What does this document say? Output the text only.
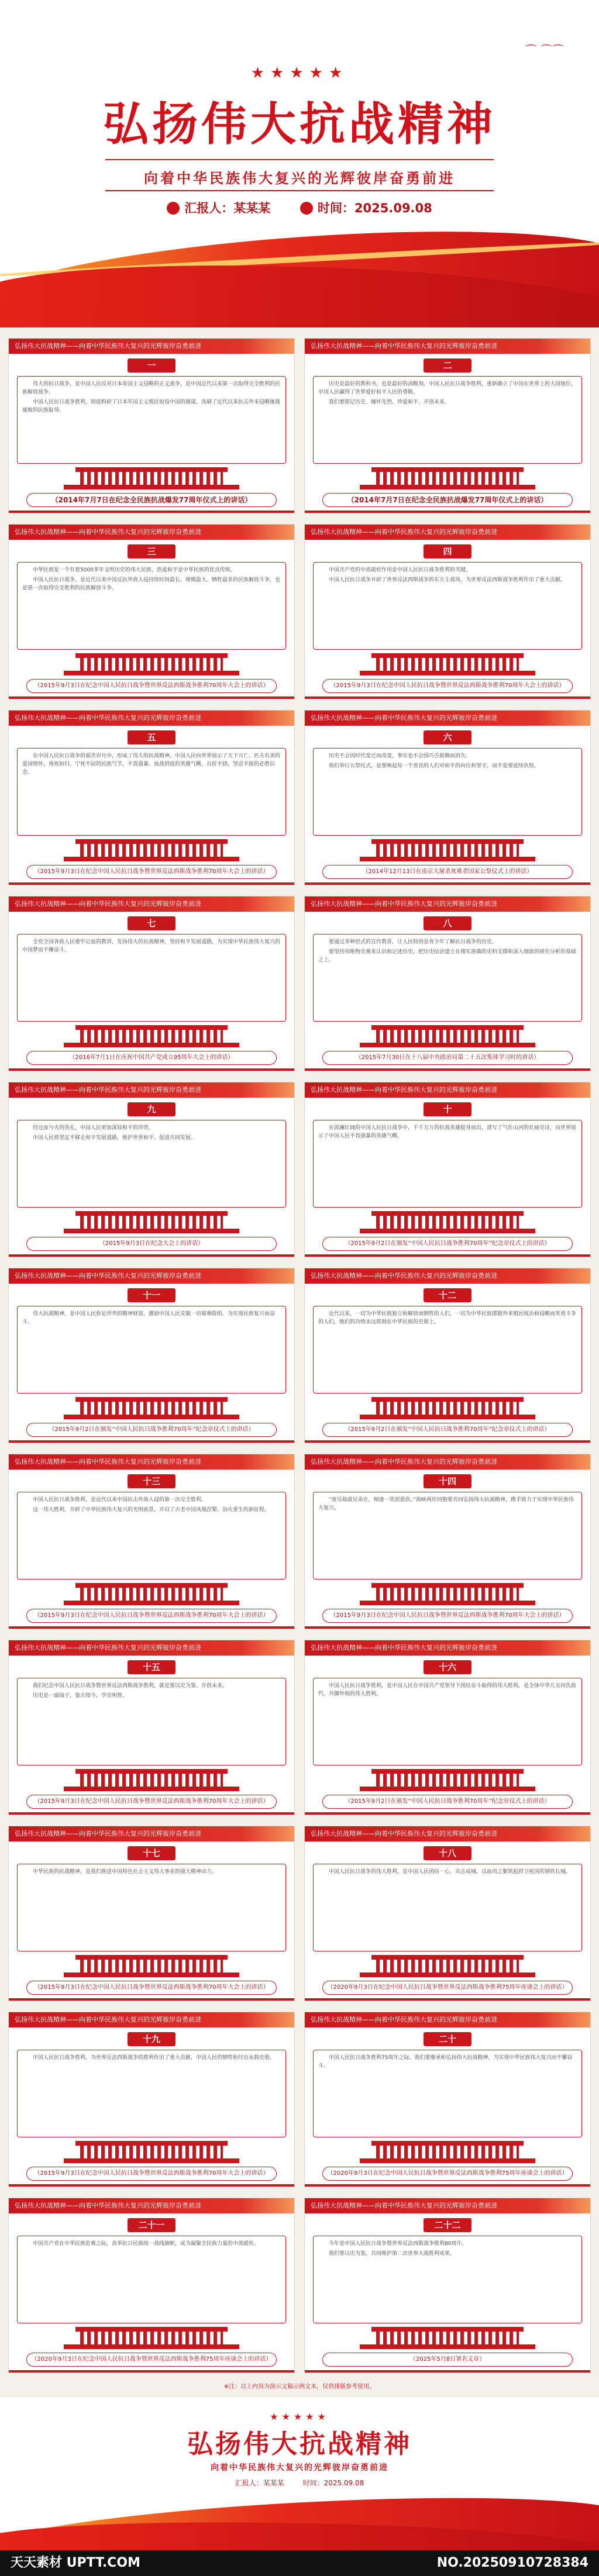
⌒ ⌒⌒
★★★★★
弘扬伟大抗战精神
向着中华民族伟大复兴的光辉彼岸奋勇前进
汇报人：某某某	时间：2025.09.08
弘扬伟大抗战精神——向着中华民族伟大复兴的光辉彼岸奋勇前进
一

伟大的抗日战争，是中国人民反对日本帝国主义侵略的正义战争，是中国近代以来第一次取得完全胜利的民族解放战争。

中国人民抗日战争胜利，彻底粉碎了日本军国主义殖民奴役中国的图谋，洗刷了近代以来抗击外来侵略屡战屡败的民族耻辱。

（2014年7月7日在纪念全民族抗战爆发77周年仪式上的讲话）
弘扬伟大抗战精神——向着中华民族伟大复兴的光辉彼岸奋勇前进
二

历史是最好的教科书，也是最好的清醒剂。中国人民抗日战争胜利，重新确立了中国在世界上的大国地位，中国人民赢得了世界爱好和平人民的尊敬。

我们要铭记历史、缅怀先烈、珍爱和平、开创未来。

（2014年7月7日在纪念全民族抗战爆发77周年仪式上的讲话）
弘扬伟大抗战精神——向着中华民族伟大复兴的光辉彼岸奋勇前进
三

中华民族是一个有着5000多年文明历史的伟大民族，热爱和平是中华民族的优良传统。

中国人民抗日战争，是近代以来中国反抗外敌入侵持续时间最长、规模最大、牺牲最多的民族解放斗争，也是第一次取得完全胜利的民族解放斗争。

（2015年9月3日在纪念中国人民抗日战争暨世界反法西斯战争胜利70周年大会上的讲话）
弘扬伟大抗战精神——向着中华民族伟大复兴的光辉彼岸奋勇前进
四

中国共产党的中流砥柱作用是中国人民抗日战争胜利的关键。

中国人民抗日战争开辟了世界反法西斯战争的东方主战场，为世界反法西斯战争胜利作出了重大贡献。

（2015年9月3日在纪念中国人民抗日战争暨世界反法西斯战争胜利70周年大会上的讲话）
弘扬伟大抗战精神——向着中华民族伟大复兴的光辉彼岸奋勇前进
五

在中国人民抗日战争的艰苦岁月中，形成了伟大的抗战精神。中国人民向世界展示了天下兴亡、匹夫有责的爱国情怀，视死如归、宁死不屈的民族气节，不畏强暴、血战到底的英雄气概，百折不挠、坚忍不拔的必胜信念。

（2015年9月3日在纪念中国人民抗日战争暨世界反法西斯战争胜利70周年大会上的讲话）
弘扬伟大抗战精神——向着中华民族伟大复兴的光辉彼岸奋勇前进
六

历史不会因时代变迁而改变，事实也不会因巧舌抵赖而消失。

我们举行公祭仪式，是要唤起每一个善良的人们对和平的向往和坚守，而不是要延续仇恨。

（2014年12月13日在南京大屠杀死难者国家公祭仪式上的讲话）
弘扬伟大抗战精神——向着中华民族伟大复兴的光辉彼岸奋勇前进
七

全党全国各族人民要牢记血的教训，发扬伟大的抗战精神，坚持和平发展道路，为实现中华民族伟大复兴的中国梦而不懈奋斗。

（2016年7月1日在庆祝中国共产党成立95周年大会上的讲话）
弘扬伟大抗战精神——向着中华民族伟大复兴的光辉彼岸奋勇前进
八

要通过多种形式的宣传教育，让人民特别是青少年了解抗日战争的历史。

要坚持用唯物史观来认识和记述历史，把历史结论建立在翔实准确的史料支撑和深入细致的研究分析的基础之上。

（2015年7月30日在十八届中央政治局第二十五次集体学习时的讲话）
弘扬伟大抗战精神——向着中华民族伟大复兴的光辉彼岸奋勇前进
九

经过血与火的洗礼，中国人民更加深知和平的珍贵。

中国人民将坚定不移走和平发展道路，维护世界和平、促进共同发展。

（2015年9月3日在纪念大会上的讲话）
弘扬伟大抗战精神——向着中华民族伟大复兴的光辉彼岸奋勇前进
十

在波澜壮阔的中国人民抗日战争中，千千万万的抗战英雄挺身而出，谱写了气壮山河的壮丽史诗，向世界展示了中国人民不畏强暴的英雄气概。

（2015年9月2日在颁发“中国人民抗日战争胜利70周年”纪念章仪式上的讲话）
弘扬伟大抗战精神——向着中华民族伟大复兴的光辉彼岸奋勇前进
十一

伟大抗战精神，是中国人民弥足珍贵的精神财富，激励中国人民克服一切艰难险阻、为实现民族复兴而奋斗。

（2015年9月2日在颁发“中国人民抗日战争胜利70周年”纪念章仪式上的讲话）
弘扬伟大抗战精神——向着中华民族伟大复兴的光辉彼岸奋勇前进
十二

近代以来，一切为中华民族独立和解放而牺牲的人们，一切为中华民族摆脱外来殖民统治和侵略而英勇斗争的人们，他们的功绩永远铭刻在中华民族的史册上。

（2015年9月2日在颁发“中国人民抗日战争胜利70周年”纪念章仪式上的讲话）
弘扬伟大抗战精神——向着中华民族伟大复兴的光辉彼岸奋勇前进
十三

中国人民抗日战争胜利，是近代以来中国抗击外敌入侵的第一次完全胜利。

这一伟大胜利，开辟了中华民族伟大复兴的光明前景，开启了古老中国凤凰涅槃、浴火重生的新征程。

（2015年9月3日在纪念中国人民抗日战争暨世界反法西斯战争胜利70周年大会上的讲话）
弘扬伟大抗战精神——向着中华民族伟大复兴的光辉彼岸奋勇前进
十四

“度尽劫波兄弟在，相逢一笑泯恩仇。”海峡两岸同胞要共同弘扬伟大抗战精神，携手致力于实现中华民族伟大复兴。

（2015年9月3日在纪念中国人民抗日战争暨世界反法西斯战争胜利70周年大会上的讲话）
弘扬伟大抗战精神——向着中华民族伟大复兴的光辉彼岸奋勇前进
十五

我们纪念中国人民抗日战争暨世界反法西斯战争胜利，就是要以史为鉴、开创未来。

历史是一面镜子，鉴古知今，学史明智。

（2015年9月3日在纪念中国人民抗日战争暨世界反法西斯战争胜利70周年大会上的讲话）
弘扬伟大抗战精神——向着中华民族伟大复兴的光辉彼岸奋勇前进
十六

中国人民抗日战争胜利，是中国人民在中国共产党领导下团结奋斗取得的伟大胜利，是全体中华儿女同仇敌忾、共御外侮的伟大胜利。

（2015年9月2日在颁发“中国人民抗日战争胜利70周年”纪念章仪式上的讲话）
弘扬伟大抗战精神——向着中华民族伟大复兴的光辉彼岸奋勇前进
十七

中华民族的抗战精神，是我们推进中国特色社会主义伟大事业的强大精神动力。

（2015年9月3日在纪念中国人民抗日战争暨世界反法西斯战争胜利70周年大会上的讲话）
弘扬伟大抗战精神——向着中华民族伟大复兴的光辉彼岸奋勇前进
十八

中国人民抗日战争的伟大胜利，是中国人民团结一心、众志成城，以血肉之躯筑起捍卫祖国的钢铁长城。

（2020年9月3日在纪念中国人民抗日战争暨世界反法西斯战争胜利75周年座谈会上的讲话）
弘扬伟大抗战精神——向着中华民族伟大复兴的光辉彼岸奋勇前进
十九

中国人民抗日战争胜利，为世界反法西斯战争的胜利作出了重大贡献，中国人民的牺牲和付出永载史册。

（2015年9月3日在纪念中国人民抗日战争暨世界反法西斯战争胜利70周年大会上的讲话）
弘扬伟大抗战精神——向着中华民族伟大复兴的光辉彼岸奋勇前进
二十

中国人民抗日战争胜利75周年之际，我们要继承和弘扬伟大抗战精神，为实现中华民族伟大复兴而不懈奋斗。

（2020年9月3日在纪念中国人民抗日战争暨世界反法西斯战争胜利75周年座谈会上的讲话）
弘扬伟大抗战精神——向着中华民族伟大复兴的光辉彼岸奋勇前进
二十一

中国共产党在中华民族危难之际，高举抗日民族统一战线旗帜，成为凝聚全民族力量的中流砥柱。

（2020年9月3日在纪念中国人民抗日战争暨世界反法西斯战争胜利75周年座谈会上的讲话）
弘扬伟大抗战精神——向着中华民族伟大复兴的光辉彼岸奋勇前进
二十二

今年是中国人民抗日战争暨世界反法西斯战争胜利80周年。

我们要以史为鉴，共同维护第二次世界大战胜利成果。

（2025年5月8日署名文章）
※注：以上内容为演示文稿示例文本，仅供排版参考使用。
★★★★★
弘扬伟大抗战精神
向着中华民族伟大复兴的光辉彼岸奋勇前进
汇报人：某某某	时间：2025.09.08
天天素材 UPTT.COM	NO.20250910728384
